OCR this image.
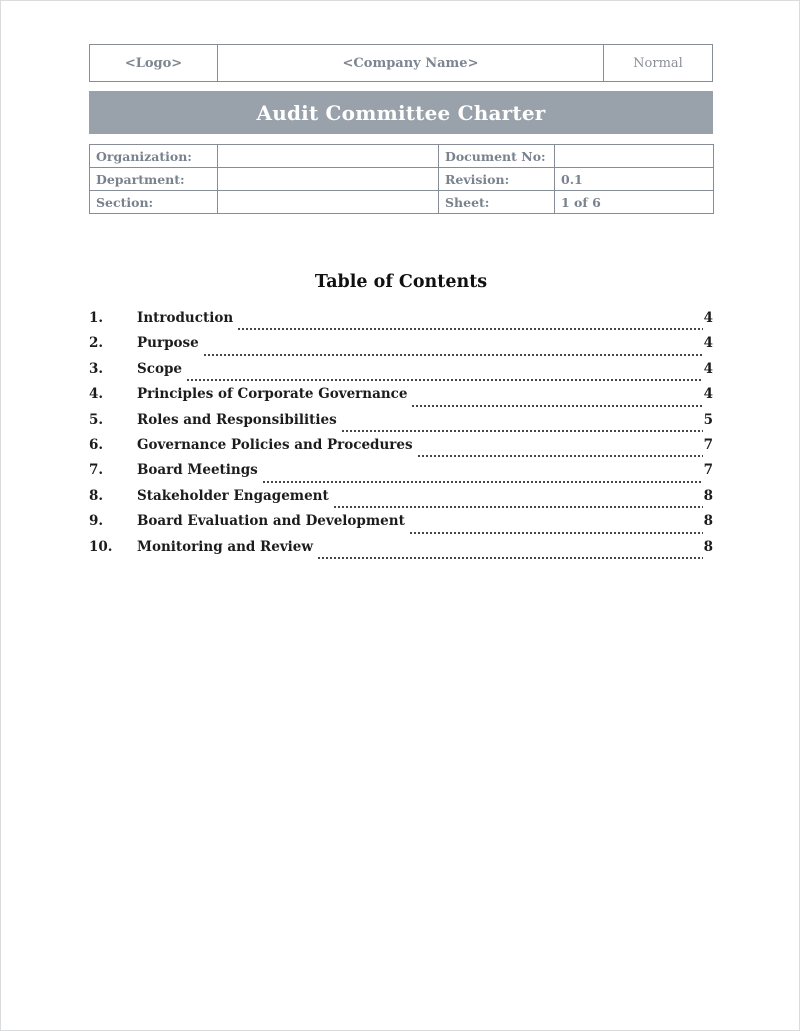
<Logo>	<Company Name>	Normal
Audit Committee Charter
Organization:		Document No:	
Department:		Revision:	0.1
Section:		Sheet:	1 of 6
Table of Contents
1.	Introduction	4
2.	Purpose	4
3.	Scope	4
4.	Principles of Corporate Governance	4
5.	Roles and Responsibilities	5
6.	Governance Policies and Procedures	7
7.	Board Meetings	7
8.	Stakeholder Engagement	8
9.	Board Evaluation and Development	8
10.	Monitoring and Review	8
